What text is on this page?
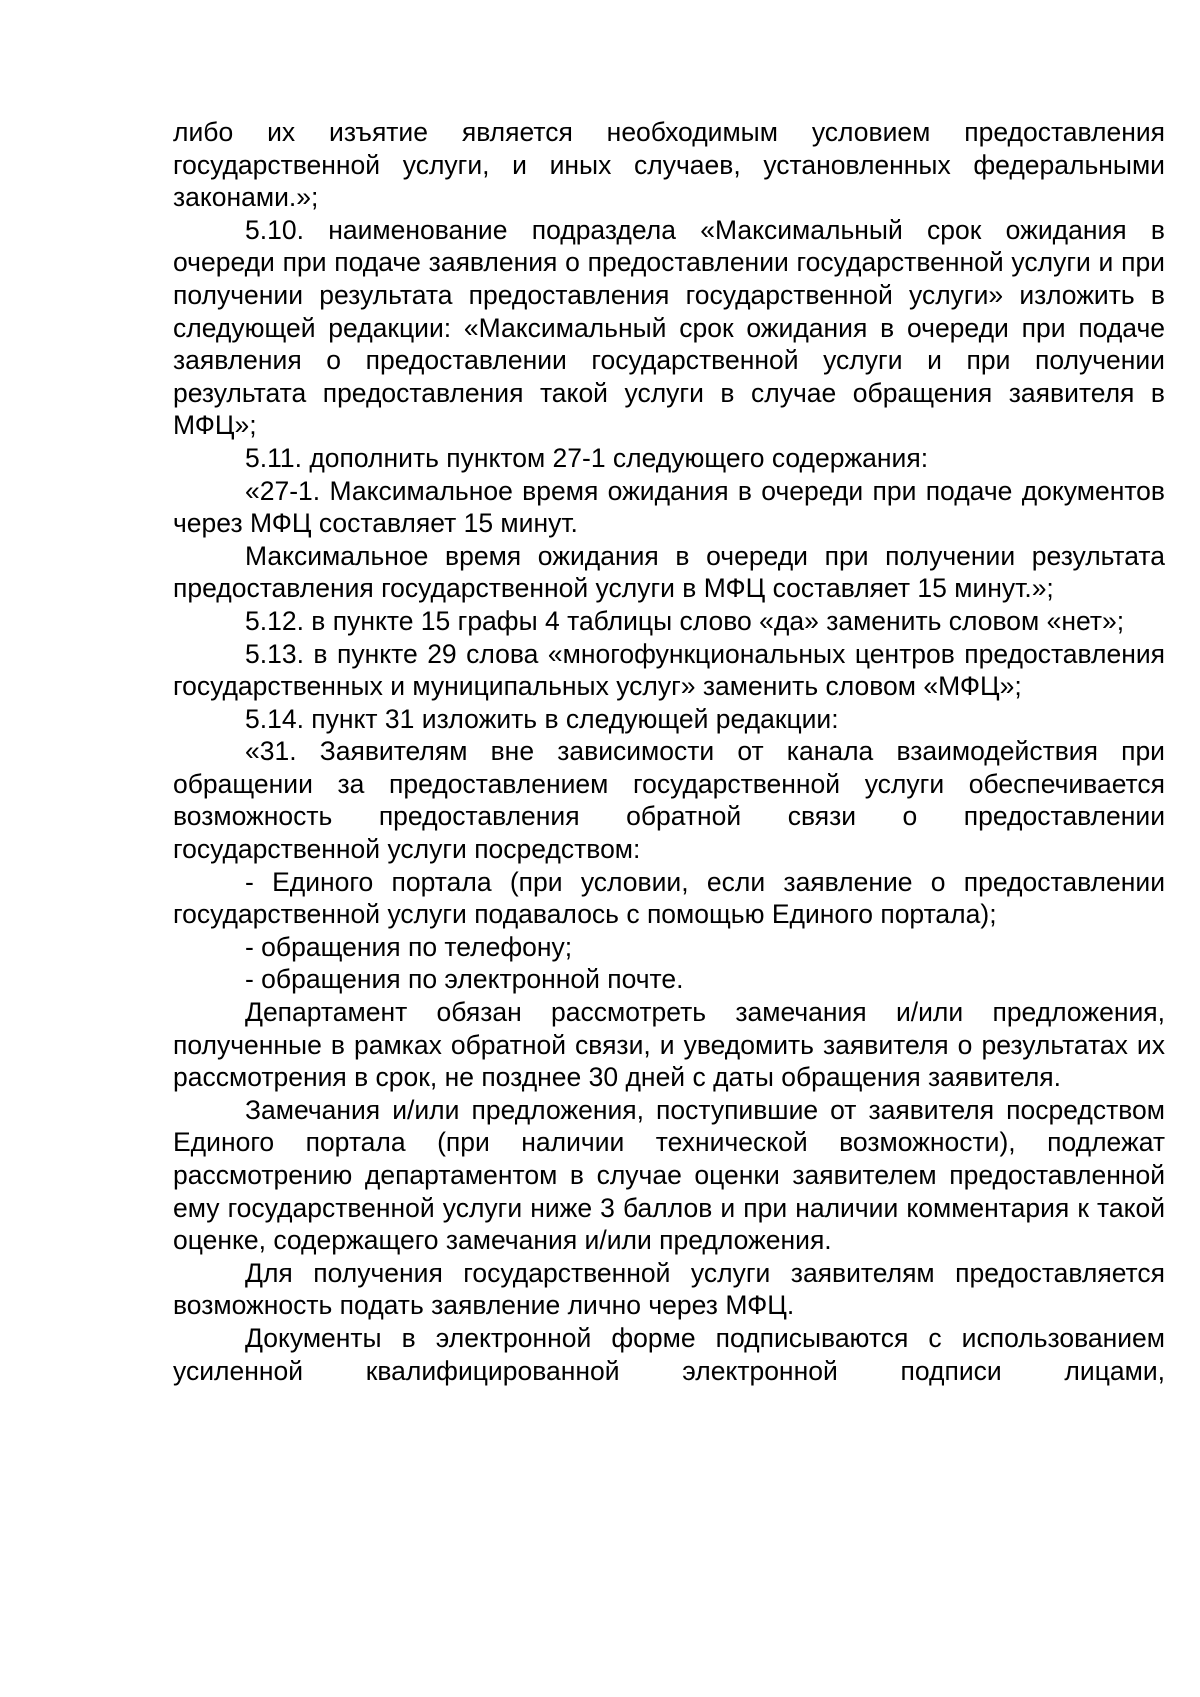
либо их изъятие является необходимым условием предоставления государственной услуги, и иных случаев, установленных федеральными законами.»;

5.10. наименование подраздела «Максимальный срок ожидания в очереди при подаче заявления о предоставлении государственной услуги и при получении результата предоставления государственной услуги» изложить в следующей редакции: «Максимальный срок ожидания в очереди при подаче заявления о предоставлении государственной услуги и при получении результата предоставления такой услуги в случае обращения заявителя в МФЦ»;

5.11. дополнить пунктом 27-1 следующего содержания:

«27-1. Максимальное время ожидания в очереди при подаче документов через МФЦ составляет 15 минут.

Максимальное время ожидания в очереди при получении результата предоставления государственной услуги в МФЦ составляет 15 минут.»;

5.12. в пункте 15 графы 4 таблицы слово «да» заменить словом «нет»;

5.13. в пункте 29 слова «многофункциональных центров предоставления государственных и муниципальных услуг» заменить словом «МФЦ»;

5.14. пункт 31 изложить в следующей редакции:

«31. Заявителям вне зависимости от канала взаимодействия при обращении за предоставлением государственной услуги обеспечивается возможность предоставления обратной связи о предоставлении государственной услуги посредством:

- Единого портала (при условии, если заявление о предоставлении государственной услуги подавалось с помощью Единого портала);

- обращения по телефону;

- обращения по электронной почте.

Департамент обязан рассмотреть замечания и/или предложения, полученные в рамках обратной связи, и уведомить заявителя о результатах их рассмотрения в срок, не позднее 30 дней с даты обращения заявителя.

Замечания и/или предложения, поступившие от заявителя посредством Единого портала (при наличии технической возможности), подлежат рассмотрению департаментом в случае оценки заявителем предоставленной ему государственной услуги ниже 3 баллов и при наличии комментария к такой оценке, содержащего замечания и/или предложения.

Для получения государственной услуги заявителям предоставляется возможность подать заявление лично через МФЦ.

Документы в электронной форме подписываются с использованием усиленной квалифицированной электронной подписи лицами,
